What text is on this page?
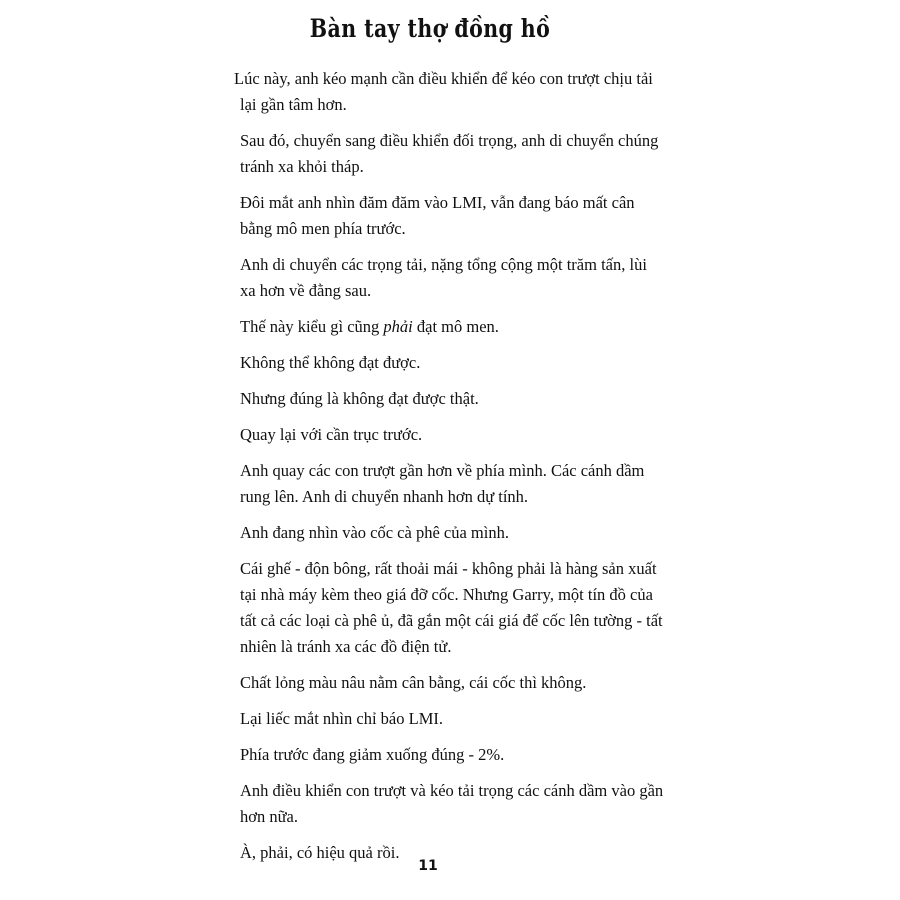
Bàn tay thợ đồng hồ

Lúc này, anh kéo mạnh cần điều khiển để kéo con trượt chịu tải lại gần tâm hơn.

Sau đó, chuyển sang điều khiển đối trọng, anh di chuyển chúng tránh xa khỏi tháp.

Đôi mắt anh nhìn đăm đăm vào LMI, vẫn đang báo mất cân bằng mô men phía trước.

Anh di chuyển các trọng tải, nặng tổng cộng một trăm tấn, lùi xa hơn về đằng sau.

Thế này kiểu gì cũng phải đạt mô men.

Không thể không đạt được.

Nhưng đúng là không đạt được thật.

Quay lại với cần trục trước.

Anh quay các con trượt gần hơn về phía mình. Các cánh dầm rung lên. Anh di chuyển nhanh hơn dự tính.

Anh đang nhìn vào cốc cà phê của mình.

Cái ghế - độn bông, rất thoải mái - không phải là hàng sản xuất tại nhà máy kèm theo giá đỡ cốc. Nhưng Garry, một tín đồ của tất cả các loại cà phê ủ, đã gắn một cái giá để cốc lên tường - tất nhiên là tránh xa các đồ điện tử.

Chất lỏng màu nâu nằm cân bằng, cái cốc thì không.

Lại liếc mắt nhìn chỉ báo LMI.

Phía trước đang giảm xuống đúng - 2%.

Anh điều khiển con trượt và kéo tải trọng các cánh dầm vào gần hơn nữa.

À, phải, có hiệu quả rồi.

11
